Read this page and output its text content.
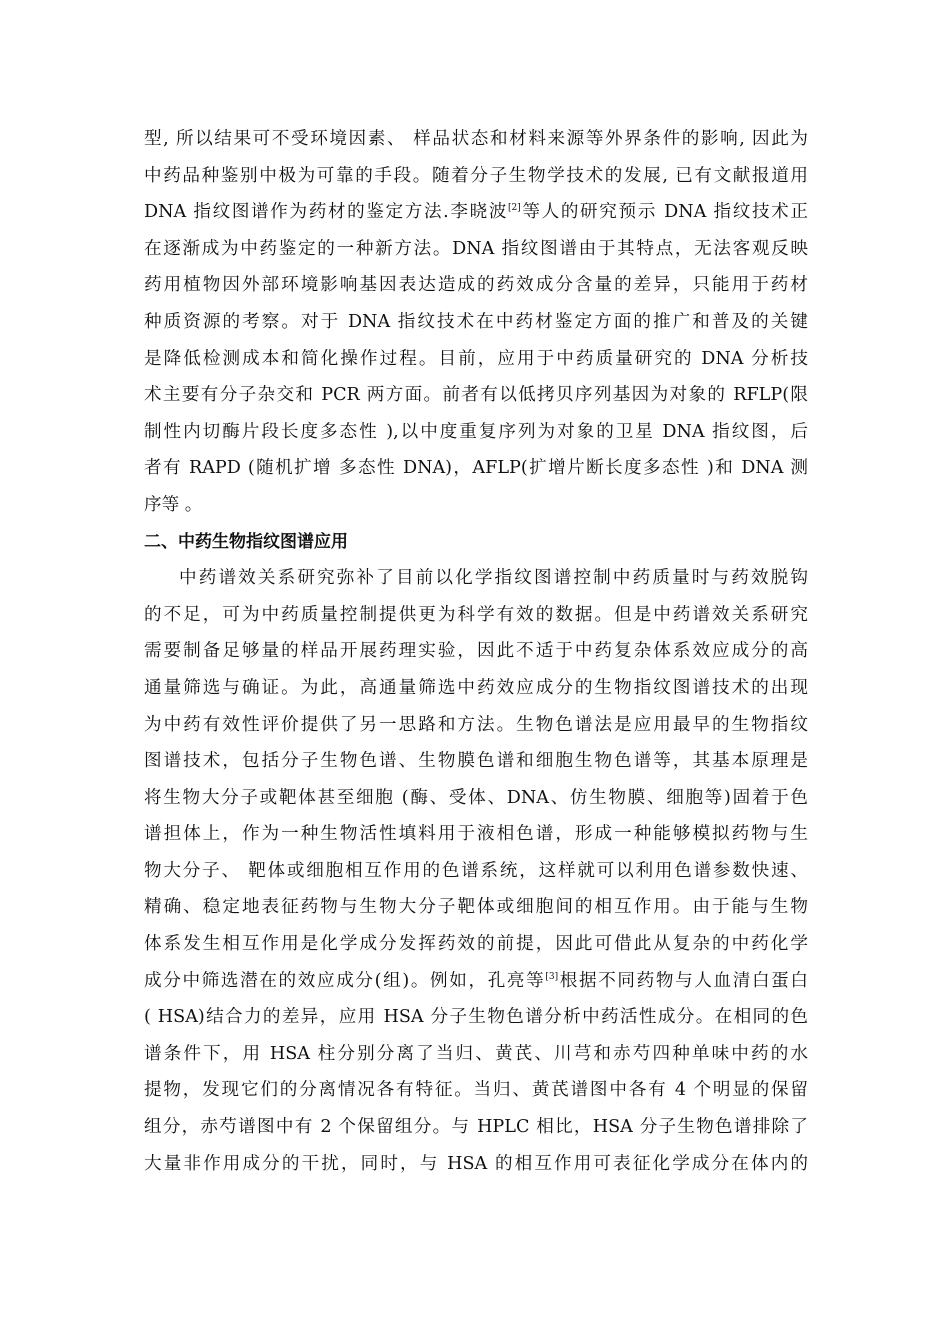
型, 所以结果可不受环境因素、 样品状态和材料来源等外界条件的影响, 因此为
中药品种鉴别中极为可靠的手段。随着分子生物学技术的发展, 已有文献报道用
DNA 指纹图谱作为药材的鉴定方法.李晓波[2]等人的研究预示 DNA 指纹技术正
在逐渐成为中药鉴定的一种新方法。DNA 指纹图谱由于其特点，无法客观反映
药用植物因外部环境影响基因表达造成的药效成分含量的差异，只能用于药材
种质资源的考察。对于 DNA 指纹技术在中药材鉴定方面的推广和普及的关键
是降低检测成本和简化操作过程。目前，应用于中药质量研究的 DNA 分析技
术主要有分子杂交和 PCR 两方面。前者有以低拷贝序列基因为对象的 RFLP(限
制性内切酶片段长度多态性 ),以中度重复序列为对象的卫星 DNA 指纹图，后
者有 RAPD (随机扩增 多态性 DNA)，AFLP(扩增片断长度多态性 )和 DNA 测
序等 。
二、中药生物指纹图谱应用
中药谱效关系研究弥补了目前以化学指纹图谱控制中药质量时与药效脱钩
的不足，可为中药质量控制提供更为科学有效的数据。但是中药谱效关系研究
需要制备足够量的样品开展药理实验，因此不适于中药复杂体系效应成分的高
通量筛选与确证。为此，高通量筛选中药效应成分的生物指纹图谱技术的出现
为中药有效性评价提供了另一思路和方法。生物色谱法是应用最早的生物指纹
图谱技术，包括分子生物色谱、生物膜色谱和细胞生物色谱等，其基本原理是
将生物大分子或靶体甚至细胞 (酶、受体、DNA、仿生物膜、细胞等)固着于色
谱担体上，作为一种生物活性填料用于液相色谱，形成一种能够模拟药物与生
物大分子、 靶体或细胞相互作用的色谱系统，这样就可以利用色谱参数快速、
精确、稳定地表征药物与生物大分子靶体或细胞间的相互作用。由于能与生物
体系发生相互作用是化学成分发挥药效的前提，因此可借此从复杂的中药化学
成分中筛选潜在的效应成分(组)。例如，孔亮等[3]根据不同药物与人血清白蛋白
( HSA)结合力的差异，应用 HSA 分子生物色谱分析中药活性成分。在相同的色
谱条件下，用 HSA 柱分别分离了当归、黄芪、川芎和赤芍四种单味中药的水
提物，发现它们的分离情况各有特征。当归、黄芪谱图中各有 4 个明显的保留
组分，赤芍谱图中有 2 个保留组分。与 HPLC 相比，HSA 分子生物色谱排除了
大量非作用成分的干扰，同时，与 HSA 的相互作用可表征化学成分在体内的
